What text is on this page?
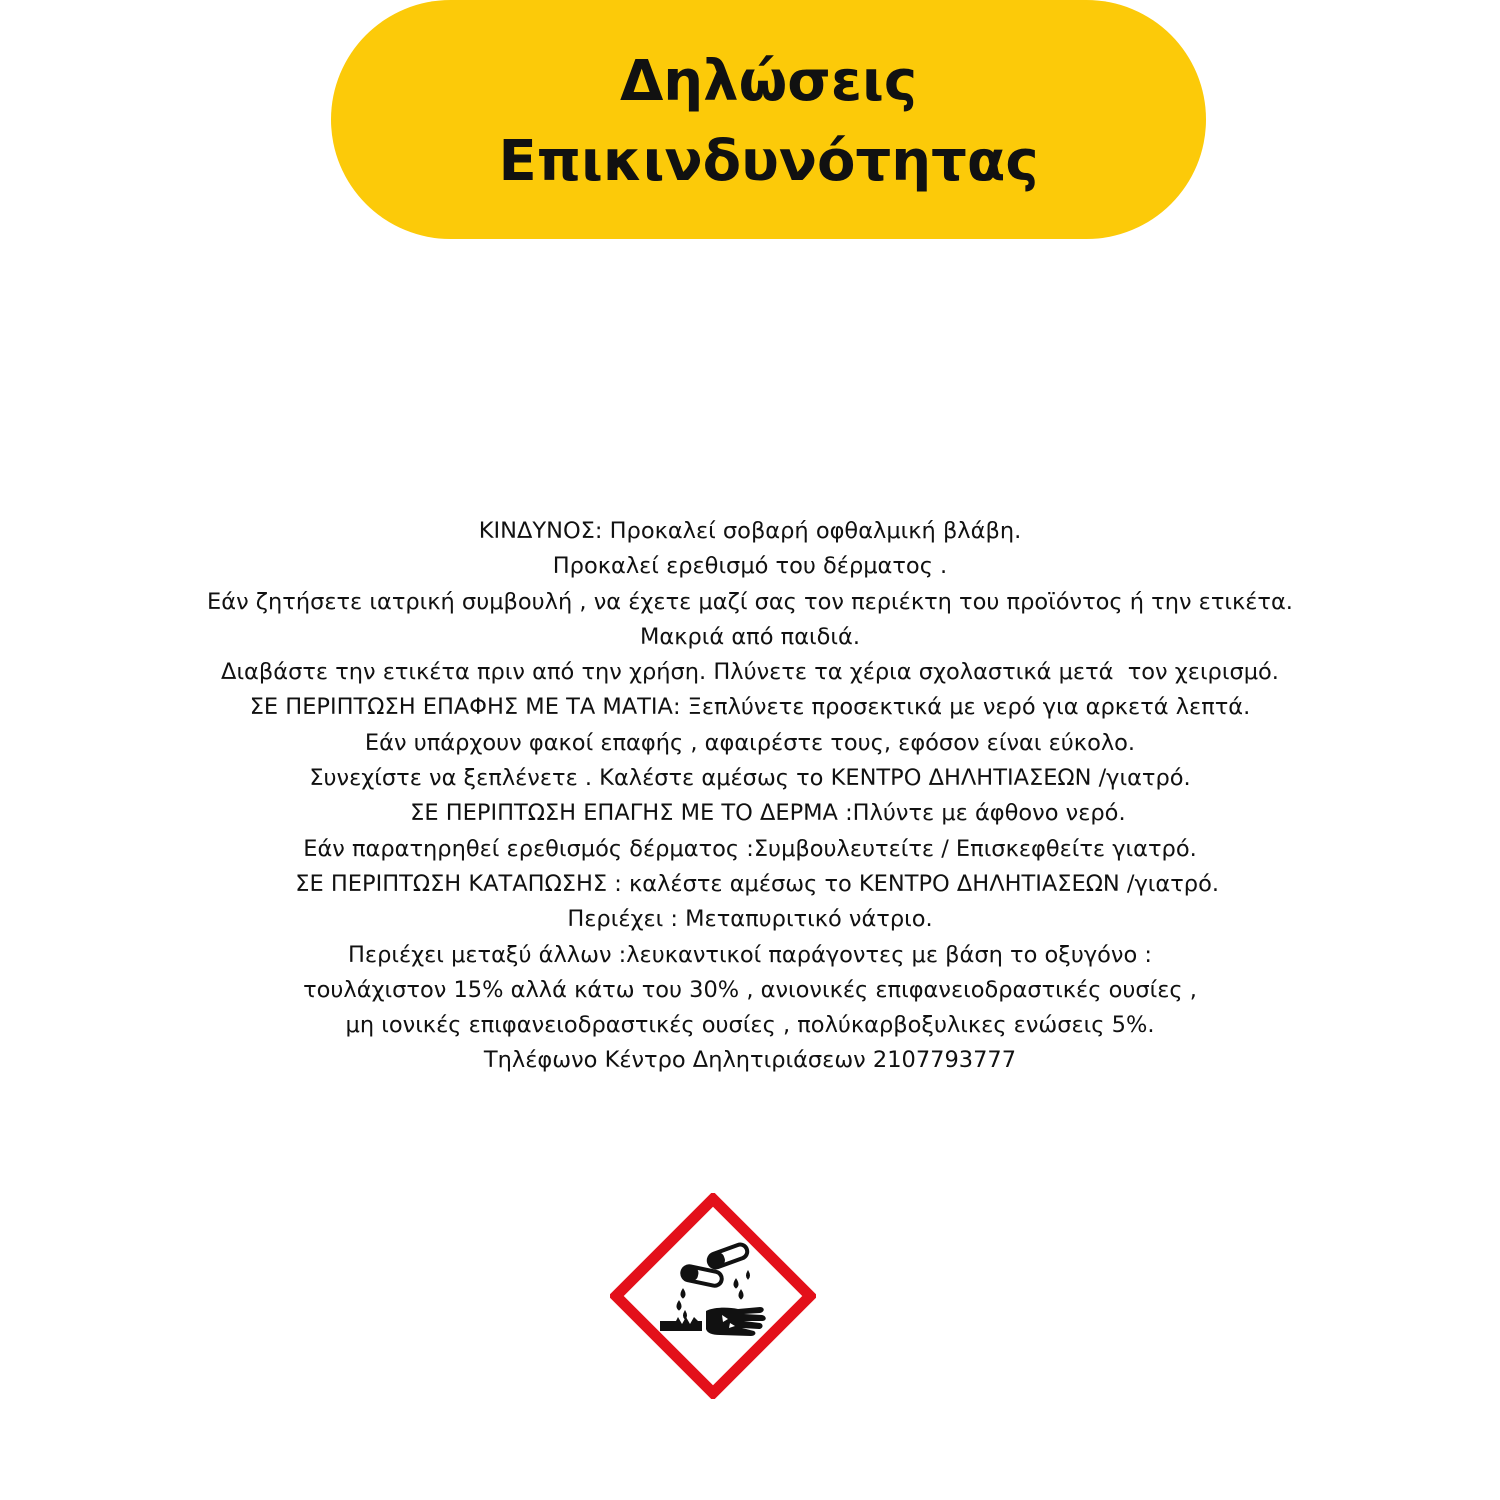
Δηλώσεις
Επικινδυνότητας
ΚΙΝΔΥΝΟΣ: Προκαλεί σοβαρή οφθαλμική βλάβη.
Προκαλεί ερεθισμό του δέρματος .
Εάν ζητήσετε ιατρική συμβουλή , να έχετε μαζί σας τον περιέκτη του προϊόντος ή την ετικέτα.
Μακριά από παιδιά.
Διαβάστε την ετικέτα πριν από την χρήση. Πλύνετε τα χέρια σχολαστικά μετά  τον χειρισμό.
ΣΕ ΠΕΡΙΠΤΩΣΗ ΕΠΑΦΗΣ ΜΕ ΤΑ ΜΑΤΙΑ: Ξεπλύνετε προσεκτικά με νερό για αρκετά λεπτά.
Εάν υπάρχουν φακοί επαφής , αφαιρέστε τους, εφόσον είναι εύκολο.
Συνεχίστε να ξεπλένετε . Καλέστε αμέσως το ΚΕΝΤΡΟ ΔΗΛΗΤΙΑΣΕΩΝ /γιατρό.
ΣΕ ΠΕΡΙΠΤΩΣΗ ΕΠΑΓΗΣ ΜΕ ΤΟ ΔΕΡΜΑ :Πλύντε με άφθονο νερό.
Εάν παρατηρηθεί ερεθισμός δέρματος :Συμβουλευτείτε / Επισκεφθείτε γιατρό.
ΣΕ ΠΕΡΙΠΤΩΣΗ ΚΑΤΑΠΩΣΗΣ : καλέστε αμέσως το ΚΕΝΤΡΟ ΔΗΛΗΤΙΑΣΕΩΝ /γιατρό.
Περιέχει : Μεταπυριτικό νάτριο.
Περιέχει μεταξύ άλλων :λευκαντικοί παράγοντες με βάση το οξυγόνο :
τουλάχιστον 15% αλλά κάτω του 30% , ανιονικές επιφανειοδραστικές ουσίες ,
μη ιονικές επιφανειοδραστικές ουσίες , πολύκαρβοξυλικες ενώσεις 5%.
Τηλέφωνο Κέντρο Δηλητιριάσεων 2107793777
